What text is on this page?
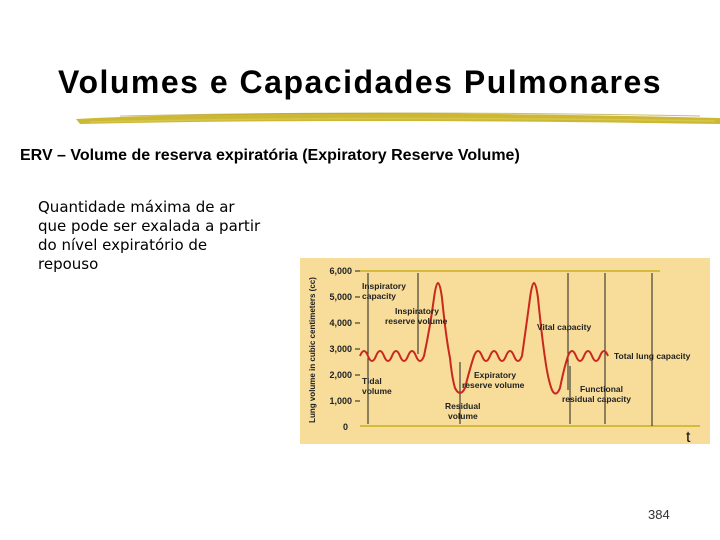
Volumes e Capacidades Pulmonares
ERV – Volume de reserva expiratória (Expiratory Reserve Volume)
Quantidade máxima de ar
que pode ser exalada a partir
do nível expiratório de
repouso
Lung volume in cubic centimeters (cc)
6,000
5,000
4,000
3,000
2,000
1,000
0
Inspiratory
capacity
Inspiratory
reserve volume
Vital capacity
Total lung capacity
Tidal
volume
Expiratory
reserve volume
Residual
volume
Functional
residual capacity
t
384
